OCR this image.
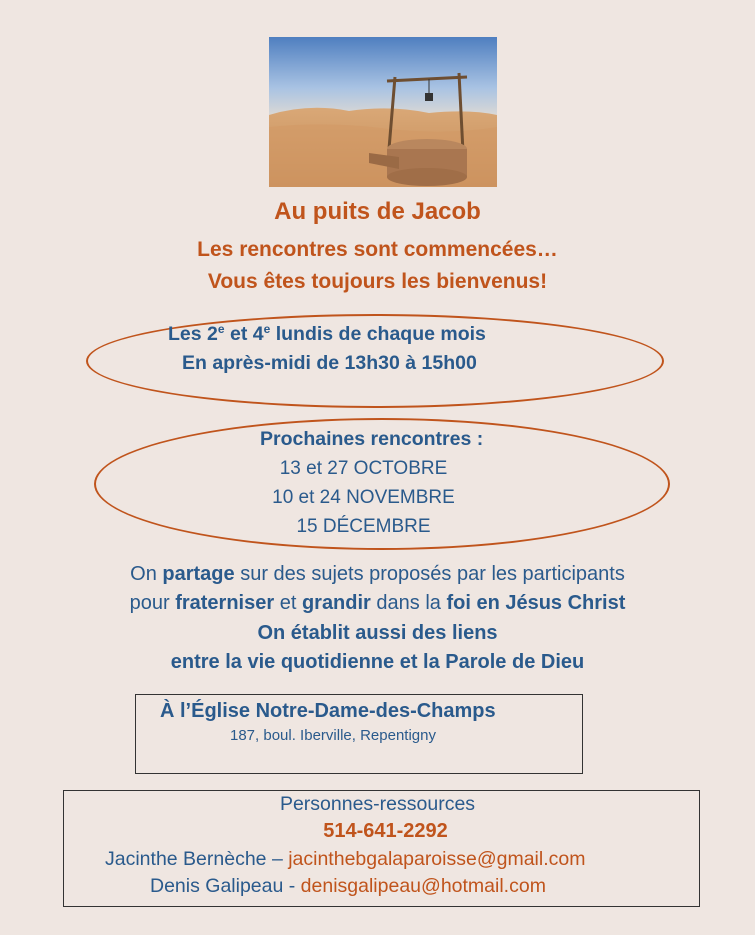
Au puits de Jacob
Les rencontres sont commencées…
Vous êtes toujours les bienvenus!
Les 2e et 4e lundis de chaque mois
En après-midi de 13h30 à 15h00
Prochaines rencontres :
13 et 27 OCTOBRE
10 et 24 NOVEMBRE
15 DÉCEMBRE
On partage sur des sujets proposés par les participants
pour fraterniser et grandir dans la foi en Jésus Christ
On établit aussi des liens
entre la vie quotidienne et la Parole de Dieu
À l’Église Notre-Dame-des-Champs
187, boul. Iberville, Repentigny
Personnes-ressources
514-641-2292
Jacinthe Bernèche – jacinthebgalaparoisse@gmail.com
Denis Galipeau - denisgalipeau@hotmail.com
